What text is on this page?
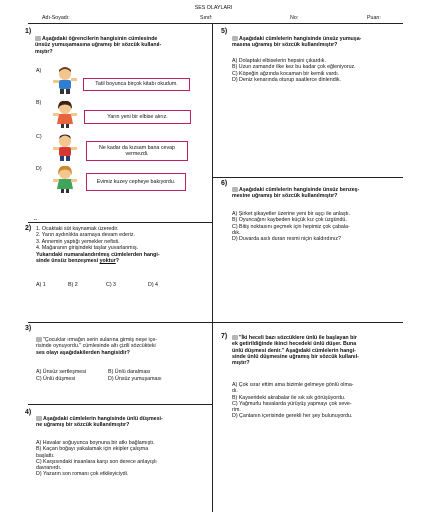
SES OLAYLARI
Adı-Soyadı:	Sınıf:	No:	Puan:
1)
Aşağıdaki öğrencilerin hangisinin cümlesinde
ünsüz yumuşamasına uğramış bir sözcük kullanıl-
mıştır?
A)
Tatil boyunca birçok kitabı okudum.
B)
Yarın yeni bir elbise alırız.
C)
Ne kadar da kızsam bana cevap vermezdi.
D)
Evimiz kuzey cepheye bakıyordu.
..
2) 1. Ocaktaki süt kaynamak üzeredir.
2. Yarın aydınlıkta aramaya devam ederiz.
3. Annemin yaptığı yemekler nefisti.
4. Mağaranın girişindeki taşlar yuvarlanmış.
Yukarıdaki numaralandırılmış cümlelerden hangi-
sinde ünsüz benzeşmesi yoktur?
A) 1	B) 2	C) 3	D) 4
3)
"Çocuklar ırmağın serin sularına girmiş neşe içe-
risinde oynuyordu." cümlesinde altı çizili sözcükteki
ses olayı aşağıdakilerden hangisidir?
A) Ünsüz sertleşmesi	B) Ünlü daralması
C) Ünlü düşmesi	D) Ünsüz yumuşaması
4)
Aşağıdaki cümlelerin hangisinde ünlü düşmesi-
ne uğramış bir sözcük kullanılmıştır?
A) Havalar soğuyunca boynuna bir atkı bağlamıştı.
B) Kaçan boğayı yakalamak için ekipler çalışma
başlattı.
C) Karşısındaki insanlara karşı son derece anlayışlı
davranırdı.
D) Yazarın son romanı çok etkileyiciydi.
5)
Aşağıdaki cümlelerin hangisinde ünsüz yumuşa-
masına uğramış bir sözcük kullanılmıştır?
A) Dolaptaki elbiselerin hepsini çıkardık.
B) Uzun zamandır ilke kez bu kadar çok eğleniyoruz.
C) Köpeğin ağzında kocaman bir kemik vardı.
D) Deniz kenarında oturup saatlerce dinlendik.
6)
Aşağıdaki cümlelerin hangisinde ünsüz benzeş-
mesine uğramış bir sözcük kullanılmıştır?
A) Şirket şikayetler üzerine yeni bir aşçı ile anlaştı.
B) Oyuncağını kaybeden küçük kız çok üzgündü.
C) Bitiş noktasını geçmek için hepimiz çok çabala-
dık.
D) Duvarda asılı duran resmi niçin kaldırdınız?
7)	"İki heceli bazı sözcüklere ünlü ile başlayan bir
ek getirildiğinde ikinci hecedeki ünlü düşer. Buna
ünlü düşmesi denir." Aşağıdaki cümlelerin hangi-
sinde ünlü düşmesine uğramış bir sözcük kullanıl-
mıştır?
A) Çok ısrar ettim ama bizimle gelmeye gönlü olma-
dı.
B) Kayserideki akrabalar ile sık sık görüşüyordu.
C) Yağmurlu havalarda yürüyüş yapmayı çok seve-
rim.
D) Çantanın içerisinde gerekli her şey bulunuyordu.
